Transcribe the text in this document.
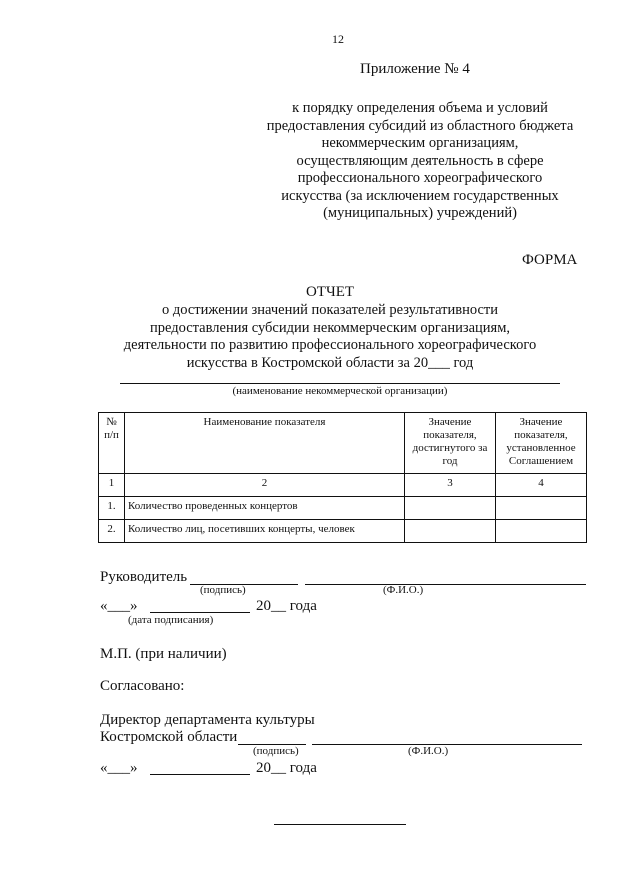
12
Приложение № 4
к порядку определения объема и условий
предоставления субсидий из областного бюджета
некоммерческим организациям,
осуществляющим деятельность в сфере
профессионального хореографического
искусства (за исключением государственных
(муниципальных) учреждений)
ФОРМА
ОТЧЕТ
о достижении значений показателей результативности
предоставления субсидии некоммерческим организациям,
деятельности по развитию профессионального хореографического
искусства в Костромской области за 20___ год
(наименование некоммерческой организации)
№ п/п	Наименование показателя	Значение показателя, достигнутого за год	Значение показателя, установленное Соглашением
1	2	3	4
1.	Количество проведенных концертов		
2.	Количество лиц, посетивших концерты, человек		
Руководитель
(подпись)	(Ф.И.О.)
«___»	20__ года
(дата подписания)
М.П. (при наличии)
Согласовано:
Директор департамента культуры
Костромской области
(подпись)	(Ф.И.О.)
«___»	20__ года
